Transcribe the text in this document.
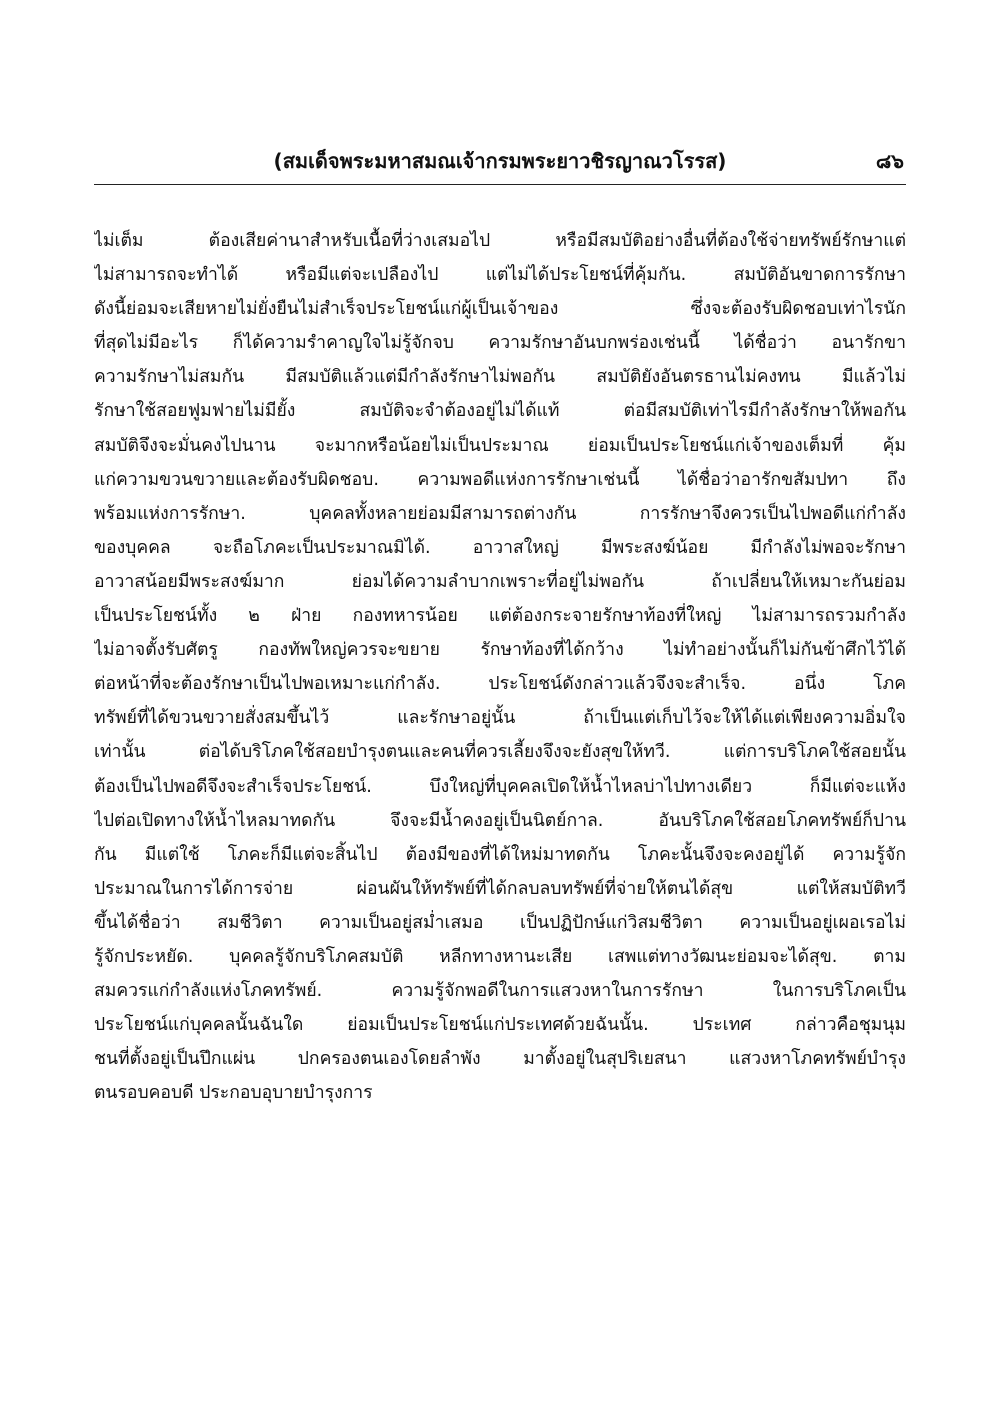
(สมเด็จพระมหาสมณเจ้ากรมพระยาวชิรญาณวโรรส)	๘๖
ไม่เต็ม ต้องเสียค่านาสำหรับเนื้อที่ว่างเสมอไป หรือมีสมบัติอย่างอื่นที่ต้องใช้จ่ายทรัพย์รักษาแต่
ไม่สามารถจะทำได้ หรือมีแต่จะเปลืองไป แต่ไม่ได้ประโยชน์ที่คุ้มกัน. สมบัติอันขาดการรักษา
ดังนี้ย่อมจะเสียหายไม่ยั่งยืนไม่สำเร็จประโยชน์แก่ผู้เป็นเจ้าของ ซึ่งจะต้องรับผิดชอบเท่าไรนัก
ที่สุดไม่มีอะไร ก็ได้ความรำคาญใจไม่รู้จักจบ ความรักษาอันบกพร่องเช่นนี้ ได้ชื่อว่า อนารักขา
ความรักษาไม่สมกัน มีสมบัติแล้วแต่มีกำลังรักษาไม่พอกัน สมบัติยังอันตรธานไม่คงทน มีแล้วไม่
รักษาใช้สอยฟูมฟายไม่มียั้ง สมบัติจะจำต้องอยู่ไม่ได้แท้ ต่อมีสมบัติเท่าไรมีกำลังรักษาให้พอกัน
สมบัติจึงจะมั่นคงไปนาน จะมากหรือน้อยไม่เป็นประมาณ ย่อมเป็นประโยชน์แก่เจ้าของเต็มที่ คุ้ม
แก่ความขวนขวายและต้องรับผิดชอบ. ความพอดีแห่งการรักษาเช่นนี้ ได้ชื่อว่าอารักขสัมปทา ถึง
พร้อมแห่งการรักษา. บุคคลทั้งหลายย่อมมีสามารถต่างกัน การรักษาจึงควรเป็นไปพอดีแก่กำลัง
ของบุคคล จะถือโภคะเป็นประมาณมิได้. อาวาสใหญ่ มีพระสงฆ์น้อย มีกำลังไม่พอจะรักษา
อาวาสน้อยมีพระสงฆ์มาก ย่อมได้ความลำบากเพราะที่อยู่ไม่พอกัน ถ้าเปลี่ยนให้เหมาะกันย่อม
เป็นประโยชน์ทั้ง ๒ ฝ่าย กองทหารน้อย แต่ต้องกระจายรักษาท้องที่ใหญ่ ไม่สามารถรวมกำลัง
ไม่อาจตั้งรับศัตรู กองทัพใหญ่ควรจะขยาย รักษาท้องที่ได้กว้าง ไม่ทำอย่างนั้นก็ไม่กันข้าศึกไว้ได้
ต่อหน้าที่จะต้องรักษาเป็นไปพอเหมาะแก่กำลัง. ประโยชน์ดังกล่าวแล้วจึงจะสำเร็จ. อนึ่ง โภค
ทรัพย์ที่ได้ขวนขวายสั่งสมขึ้นไว้ และรักษาอยู่นั้น ถ้าเป็นแต่เก็บไว้จะให้ได้แต่เพียงความอิ่มใจ
เท่านั้น ต่อได้บริโภคใช้สอยบำรุงตนและคนที่ควรเลี้ยงจึงจะยังสุขให้ทวี. แต่การบริโภคใช้สอยนั้น
ต้องเป็นไปพอดีจึงจะสำเร็จประโยชน์. บึงใหญ่ที่บุคคลเปิดให้น้ำไหลบ่าไปทางเดียว ก็มีแต่จะแห้ง
ไปต่อเปิดทางให้น้ำไหลมาทดกัน จึงจะมีน้ำคงอยู่เป็นนิตย์กาล. อันบริโภคใช้สอยโภคทรัพย์ก็ปาน
กัน มีแต่ใช้ โภคะก็มีแต่จะสิ้นไป ต้องมีของที่ได้ใหม่มาทดกัน โภคะนั้นจึงจะคงอยู่ได้ ความรู้จัก
ประมาณในการได้การจ่าย ผ่อนผันให้ทรัพย์ที่ได้กลบลบทรัพย์ที่จ่ายให้ตนได้สุข แต่ให้สมบัติทวี
ขึ้นได้ชื่อว่า สมชีวิตา ความเป็นอยู่สม่ำเสมอ เป็นปฏิปักษ์แก่วิสมชีวิตา ความเป็นอยู่เผอเรอไม่
รู้จักประหยัด. บุคคลรู้จักบริโภคสมบัติ หลีกทางหานะเสีย เสพแต่ทางวัฒนะย่อมจะได้สุข. ตาม
สมควรแก่กำลังแห่งโภคทรัพย์. ความรู้จักพอดีในการแสวงหาในการรักษา ในการบริโภคเป็น
ประโยชน์แก่บุคคลนั้นฉันใด ย่อมเป็นประโยชน์แก่ประเทศด้วยฉันนั้น. ประเทศ กล่าวคือชุมนุม
ชนที่ตั้งอยู่เป็นปึกแผ่น ปกครองตนเองโดยลำพัง มาตั้งอยู่ในสุปริเยสนา แสวงหาโภคทรัพย์บำรุง
ตนรอบคอบดี ประกอบอุบายบำรุงการ
